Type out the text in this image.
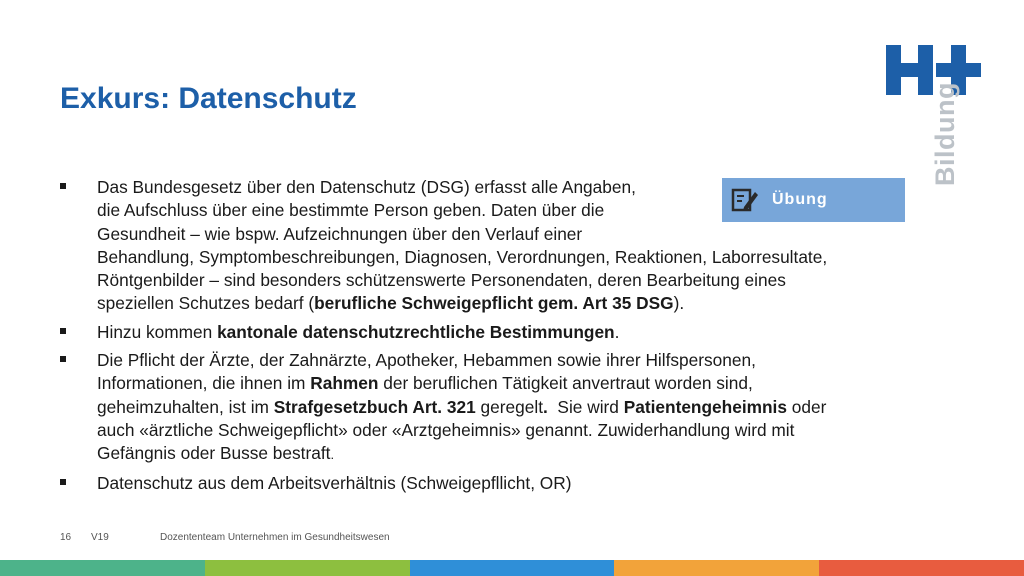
Exkurs: Datenschutz	Bildung
Übung
Das Bundesgesetz über den Datenschutz (DSG) erfasst alle Angaben,
die Aufschluss über eine bestimmte Person geben. Daten über die
Gesundheit – wie bspw. Aufzeichnungen über den Verlauf einer
Behandlung, Symptombeschreibungen, Diagnosen, Verordnungen, Reaktionen, Laborresultate,
Röntgenbilder – sind besonders schützenswerte Personendaten, deren Bearbeitung eines
speziellen Schutzes bedarf (berufliche Schweigepflicht gem. Art 35 DSG).
Hinzu kommen kantonale datenschutzrechtliche Bestimmungen.
Die Pflicht der Ärzte, der Zahnärzte, Apotheker, Hebammen sowie ihrer Hilfspersonen,
Informationen, die ihnen im Rahmen der beruflichen Tätigkeit anvertraut worden sind,
geheimzuhalten, ist im Strafgesetzbuch Art. 321 geregelt.  Sie wird Patientengeheimnis oder
auch «ärztliche Schweigepflicht» oder «Arztgeheimnis» genannt. Zuwiderhandlung wird mit
Gefängnis oder Busse bestraft.
Datenschutz aus dem Arbeitsverhältnis (Schweigepfllicht, OR)
16 V19	Dozententeam Unternehmen im Gesundheitswesen
